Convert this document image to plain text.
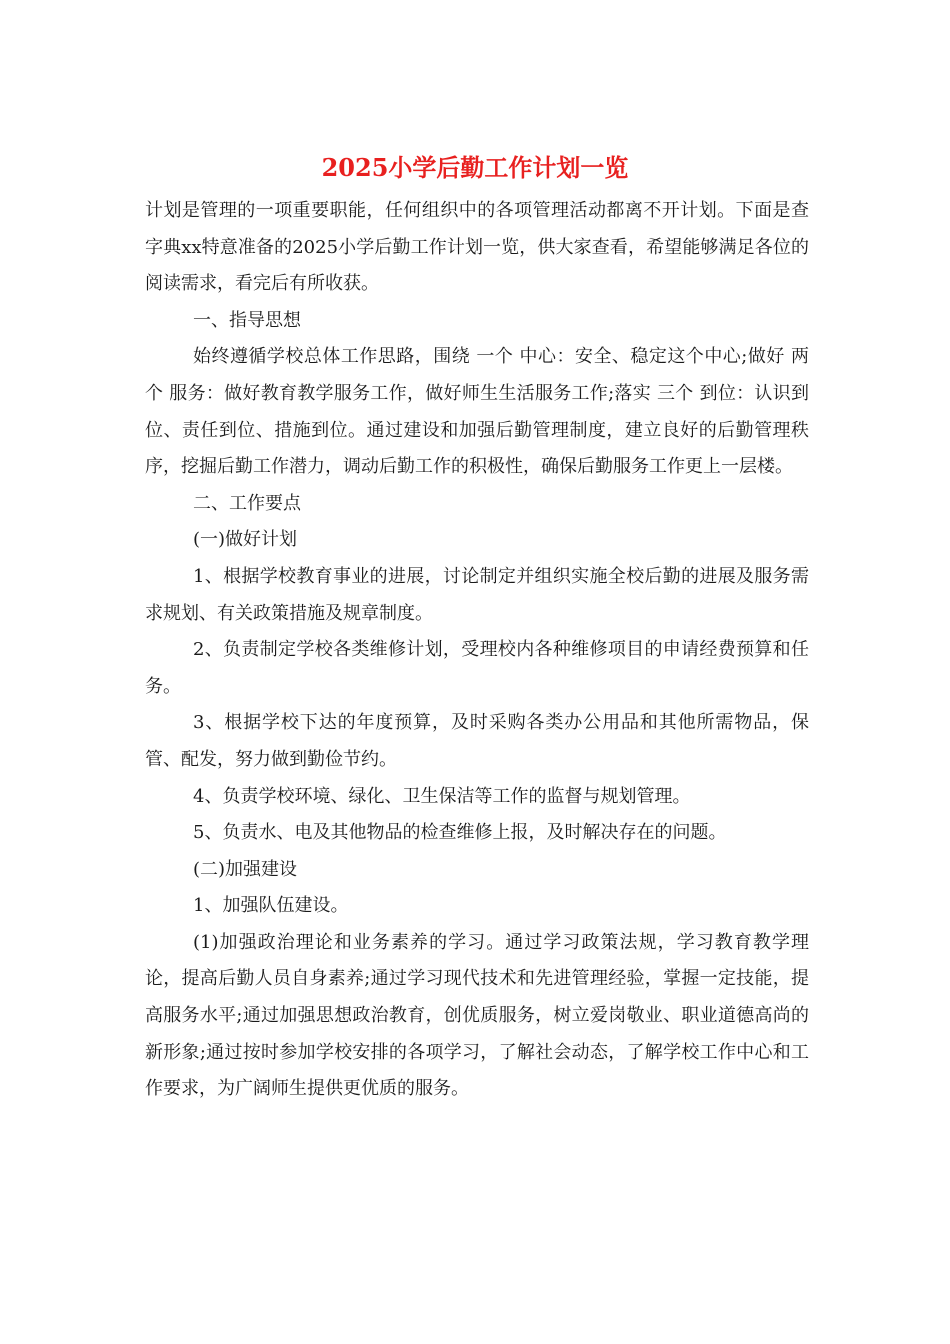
2025小学后勤工作计划一览

计划是管理的一项重要职能，任何组织中的各项管理活动都离不开计划。下面是查字典xx特意准备的2025小学后勤工作计划一览，供大家查看，希望能够满足各位的阅读需求，看完后有所收获。

一、指导思想

始终遵循学校总体工作思路，围绕 一个 中心：安全、稳定这个中心;做好 两个 服务：做好教育教学服务工作，做好师生生活服务工作;落实 三个 到位：认识到位、责任到位、措施到位。通过建设和加强后勤管理制度，建立良好的后勤管理秩序，挖掘后勤工作潜力，调动后勤工作的积极性，确保后勤服务工作更上一层楼。

二、工作要点

(一)做好计划

1、根据学校教育事业的进展，讨论制定并组织实施全校后勤的进展及服务需求规划、有关政策措施及规章制度。

2、负责制定学校各类维修计划，受理校内各种维修项目的申请经费预算和任务。

3、根据学校下达的年度预算，及时采购各类办公用品和其他所需物品，保管、配发，努力做到勤俭节约。

4、负责学校环境、绿化、卫生保洁等工作的监督与规划管理。

5、负责水、电及其他物品的检查维修上报，及时解决存在的问题。

(二)加强建设

1、加强队伍建设。

(1)加强政治理论和业务素养的学习。通过学习政策法规，学习教育教学理论，提高后勤人员自身素养;通过学习现代技术和先进管理经验，掌握一定技能，提高服务水平;通过加强思想政治教育，创优质服务，树立爱岗敬业、职业道德高尚的新形象;通过按时参加学校安排的各项学习，了解社会动态，了解学校工作中心和工作要求，为广阔师生提供更优质的服务。
